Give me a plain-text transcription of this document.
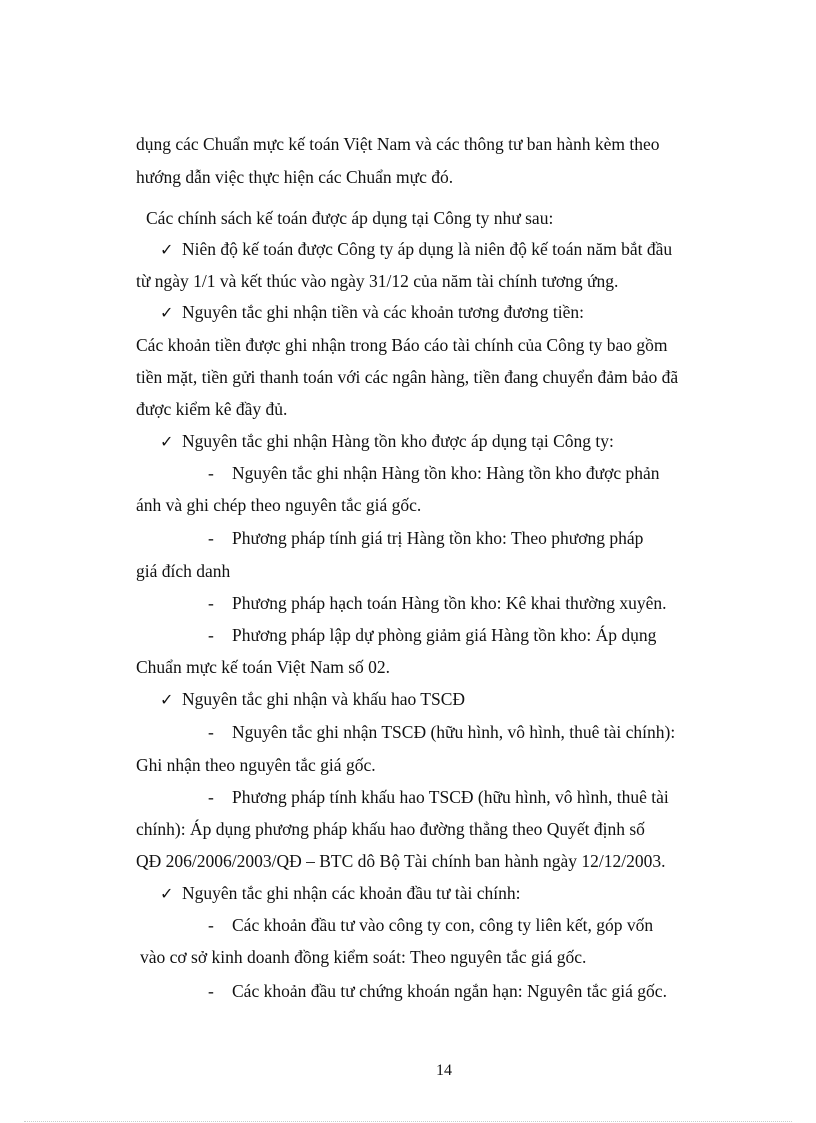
dụng các Chuẩn mực kế toán Việt Nam và các thông tư ban hành kèm theo

hướng dẫn việc thực hiện các Chuẩn mực đó.

Các chính sách kế toán được áp dụng tại Công ty như sau:

✓ Niên độ kế toán được Công ty áp dụng là niên độ kế toán năm bắt đầu

từ ngày 1/1 và kết thúc vào ngày 31/12 của năm tài chính tương ứng.

✓ Nguyên tắc ghi nhận tiền và các khoản tương đương tiền:

Các khoản tiền được ghi nhận trong Báo cáo tài chính của Công ty bao gồm

tiền mặt, tiền gửi thanh toán với các ngân hàng, tiền đang chuyển đảm bảo đã

được kiểm kê đầy đủ.

✓ Nguyên tắc ghi nhận Hàng tồn kho được áp dụng tại Công ty:

- Nguyên tắc ghi nhận Hàng tồn kho: Hàng tồn kho được phản

ánh và ghi chép theo nguyên tắc giá gốc.

- Phương pháp tính giá trị Hàng tồn kho: Theo phương pháp

giá đích danh

- Phương pháp hạch toán Hàng tồn kho: Kê khai thường xuyên.

- Phương pháp lập dự phòng giảm giá Hàng tồn kho: Áp dụng

Chuẩn mực kế toán Việt Nam số 02.

✓ Nguyên tắc ghi nhận và khấu hao TSCĐ

- Nguyên tắc ghi nhận TSCĐ (hữu hình, vô hình, thuê tài chính):

Ghi nhận theo nguyên tắc giá gốc.

- Phương pháp tính khấu hao TSCĐ (hữu hình, vô hình, thuê tài

chính): Áp dụng phương pháp khấu hao đường thẳng theo Quyết định số

QĐ 206/2006/2003/QĐ – BTC dô Bộ Tài chính ban hành ngày 12/12/2003.

✓ Nguyên tắc ghi nhận các khoản đầu tư tài chính:

- Các khoản đầu tư vào công ty con, công ty liên kết, góp vốn

vào cơ sở kinh doanh đồng kiểm soát: Theo nguyên tắc giá gốc.

- Các khoản đầu tư chứng khoán ngắn hạn: Nguyên tắc giá gốc.

14
